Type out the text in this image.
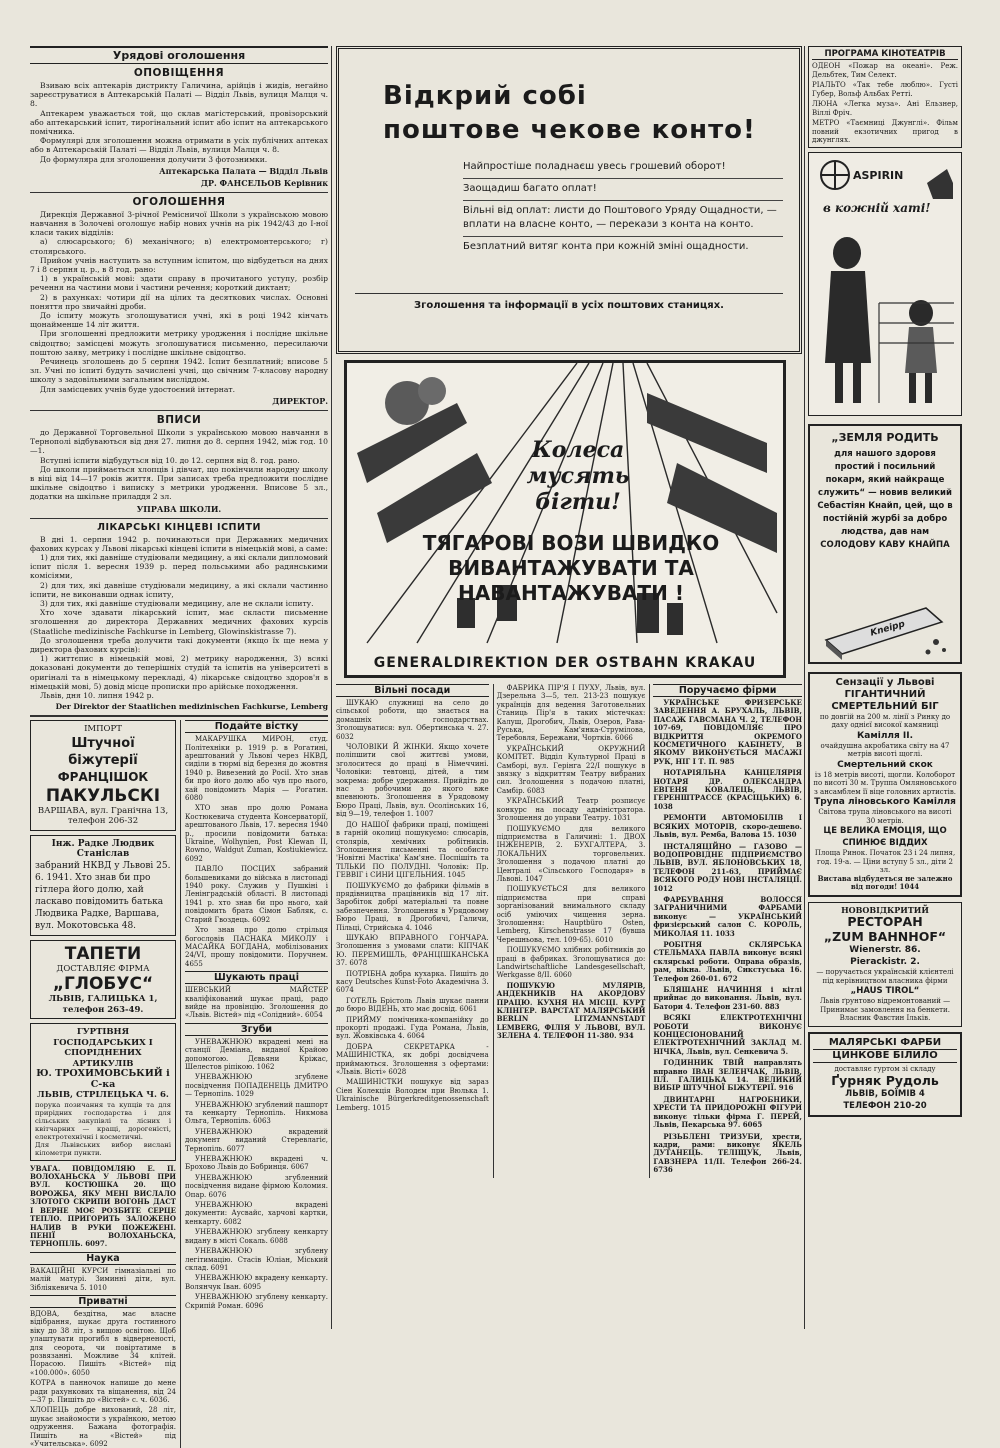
Урядові оголошення
ОПОВІЩЕННЯ

Взиваю всіх аптекарів дистрикту Галичина, арійців і жидів, негайно зареєструватися в Аптекарській Палаті — Відділ Львів, вулиця Малця ч. 8.

Аптекарем уважається той, що склав магістерський, провізорський або аптекарський іспит, тирогінальний іспит або іспит на аптекарського помічника.

Формулярі для зголошення можна отримати в усіх публічних аптеках або в Аптекарській Палаті — Відділ Львів, вулиця Малця ч. 8.

До формуляра для зголошення долучити 3 фотознимки.

Аптекарська Палата — Відділ Львів
ДР. ФАНСЕЛЬОВ Керівник
ОГОЛОШЕННЯ

Дирекція Державної 3-річної Ремісничої Школи з українською мовою навчання в Золочеві оголошує набір нових учнів на рік 1942/43 до І-ної класи таких відділів:

а) слюсарського; б) механічного; в) електромонтерського; г) столярського.

Прийом учнів наступить за вступним іспитом, що відбудеться на днях 7 і 8 серпня ц. р., в 8 год. рано:

1) в українській мові: здати справу в прочитаного уступу, розбір речення на частини мови і частини речення; короткий диктант;

2) в рахунках: чотири дії на цілих та десяткових числах. Основні поняття про звичайні дроби.

До іспиту можуть зголошуватися учні, які в році 1942 кінчать щонайменше 14 літ життя.

При зголошенні предложити метрику уродження і послідне шкільне свідоцтво; замісцеві можуть зголошуватися письменно, пересилаючи поштою заяву, метрику і послідне шкільне свідоцтво.

Речинець зголошень до 5 серпня 1942. Іспит безплатний; вписове 5 зл. Учні по іспиті будуть зачислені учні, що свічним 7-класову народну школу з задовільними загальним висліддом.

Для замісцевих учнів буде удостоєний інтернат.

ДИРЕКТОР.
ВПИСИ

до Державної Торговельної Школи з українською мовою навчання в Тернополі відбуваються від дня 27. липня до 8. серпня 1942, між год. 10—1.

Вступні іспити відбудуться від 10. до 12. серпня від 8. год. рано.

До школи приймається хлопців і дівчат, що покінчили народну школу в віці від 14—17 років життя. При записах треба предложити послідне шкільне свідоцтво і виписку з метрики уродження. Вписове 5 зл., додатки на шкільне приладдя 2 зл.

УПРАВА ШКОЛИ.
ЛІКАРСЬКІ КІНЦЕВІ ІСПИТИ

В дні 1. серпня 1942 р. починаються при Державних медичних фахових курсах у Львові лікарські кінцеві іспити в німецькій мові, а саме:

1) для тих, які давніше студіювали медицину, а які склали дипломовий іспит після 1. вересня 1939 р. перед польськими або радянськими комісіями,

2) для тих, які давніше студіювали медицину, а які склали частинно іспити, не виконавши однак іспиту,

3) для тих, які давніше студіювали медицину, але не склали іспиту.

Хто хоче здавати лікарський іспит, має скласти письменне зголошення до директора Державних медичних фахових курсів (Staatliche medizinische Fachkurse in Lemberg, Glowinskistrasse 7).

До зголошення треба долучити такі документи (якщо їх ще нема у директора фахових курсів):

1) життєпис в німецькій мові, 2) метрику народження, 3) всякі доказовані документи до теперішніх студій та іспитів на університеті в оригіналі та в німецькому перекладі, 4) лікарське свідоцтво здоров'я в німецькій мові, 5) довід місце прописки про арійське походження.

Львів, дня 10. липня 1942 р.

Der Direktor der Staatlichen medizinischen Fachkurse, Lemberg
ІМПОРТ
Штучної біжутерії
ФРАНЦІШОК
ПАКУЛЬСКІ
ВАРШАВА, вул. Гранічна 13, телефон 206-32
Інж. Радке Людвик Станіслав
забраний НКВД у Львові 25. 6. 1941. Хто знав би про гітлера його долю, хай ласкаво повідомить батька Людвика Радке, Варшава, вул. Мокотовська 48.
ТАПЕТИ
ДОСТАВЛЯЄ ФІРМА
„ГЛОБУС“
ЛЬВІВ, ГАЛИЦЬКА 1, телефон 263-49.
ГУРТІВНЯ ГОСПОДАРСЬКИХ І СПОРІДНЕНИХ АРТИКУЛІВ
Ю. ТРОХИМОВСЬКИЙ і С-ка
ЛЬВІВ, СТРІЛЕЦЬКА Ч. 6.
порука позичання та купців та для прирідних господарства і для сільських закупівлі та лісних і квітчарних — кращі, дорогеністі, електротехнічні і косметичні.
Для Львівських вибор вислані кілометри пункти.
УВАГА. ПОВІДОМЛЯЮ Е. П. ВОЛОХАНЬСКА У ЛЬВОВІ ПРИ ВУЛ. КОСТЮШКА 20. ЩО ВОРОЖБА, ЯКУ МЕНІ ВИСЛАЛО ЗЛОТОГО СКРИПИ ВОГОНЬ ДАСТ І ВЕРНЕ МОЄ РОЗБИТЕ СЕРЦЕ ТЕПЛО. ПРИГОРИТЬ ЗАЛОЖЕНО НАЛИВ В РУКИ ПОЖЕЖЕНІ. ПЕНІЇ ВОЛОХАНЬСКА, ТЕРНОПІЛЬ. 6097.
Наука
ВАКАЦІЙНІ КУРСИ гімназіальні по малій матурі. Зиминні діти, вул. Зібліякевича 5. 1010
Приватні
ВДОВА, бездітна, має власне відібрання, шукає друга гостинного віку до 38 літ, з вищою освітою. Щоб улаштувати прогибл в відверненості, для сеорота, чи повіртатиме в розвязанні. Можливе 34 клітей. Порасою. Пишіть «Вістей» під «100.000». 6050
КОТРА в панночок напише до мене ради рахункових та віщанення, від 24—37 р. Пишіть до «Вістей» с. ч. 6036.
ХЛОПЕЦЬ добре вихований, 28 літ, шукає знайомости з українкою, метою одруження. Бажана фотографія. Пишіть на «Вістей» під «Учительська». 6092
Подайте вістку

МАКАРУШКА МИРОН, студ. Політехніки р. 1919 р. в Рогатині, арештований у Львові через НКВД, сиділи в тюрмі від березня до жовтня 1940 р. Вивезений до Росії. Хто знав би про його долю або чув про нього, хай повідомить Марія — Рогатин. 6080

ХТО знав про долю Романа Костюкевича студента Консерваторії, арештованого Львів, 17. вересня 1940 р., просили повідомити батька: Ukraine, Wolhynien, Post Klewan II, Rowno, Waldgut Zuman, Kostiukiewicz. 6092

ПАВЛО ПОСЦИХ забраний большевиками до війська в листопаді 1940 року. Служив у Пушкіні і Ленінградській області. В листопаді 1941 р. хто знав би про нього, хай повідомить брата Сімон Бабляк, с. Старий Гвоздець. 6092

Хто знав про долю стрільця богословів ПАСНАКА МИКОЛУ і МАСАЙКА БОГДАНА, мобілізованих 24/VI, прошу повідомити. Поручнем. 4655

Шукають праці
ШЕВСЬКИЙ МАЙСТЕР кваліфікований шукає праці, радо вийде на провінцію. Зголошення до «Львів. Вістей» під «Солідний». 6054
Згуби

УНЕВАЖНЮЮ вкрадені мені на станції Деміана, виданої Крайою допомогою. Дєвьяни Кріжас, Шелестов ріпікою. 1062

УНЕВАЖНЮЮ згублене посвідчення ПОПАДЕНЕЦЬ ДМИТРО — Тернопіль. 1029

УНЕВАЖНЮЮ згублений пашпорт та кенкарту Тернопіль. Никмова Ольга, Тернопіль. 6063

УНЕВАЖНЮЮ вкрадений документ виданий Стеревлагіє, Тернопіль. 6077

УНЕВАЖНЮЮ вкрадені ч. Брохово Львів до Бобринця. 6067

УНЕВАЖНЮЮ згубленний посвідчення видане фірмою Коломия. Опар. 6076

УНЕВАЖНЮЮ вкрадені документи: Аусвайс, харчові картки, кенкарту. 6082

УНЕВАЖНЮЮ згублену кенкарту видану в місті Сокаль. 6088

УНЕВАЖНЮЮ згублену легітимацію. Стасів Юліан, Міський склад. 6091

УНЕВАЖНЮЮ вкрадену кенкарту. Волянчук Іван. 6095

УНЕВАЖНЮЮ згублену кенкарту. Скрипій Роман. 6096

Відкрий собі
поштове чекове конто!
Найпростіше поладнаєш увесь грошевий оборот!
Заощадиш багато оплат!
Вільні від оплат: листи до Поштового Уряду Ощадности, — вплати на власне конто, — перекази з конта на конто.
Безплатний витяг конта при кожній зміні ощадности.
Зголошення та інформації в усіх поштових станицях.
Колеса мусять бігти!
ТЯГАРОВІ ВОЗИ ШВИДКО ВИВАНТАЖУВАТИ ТА НАВАНТАЖУВАТИ !
GENERALDIREKTION DER OSTBAHN KRAKAU
Вільні посади

ШУКАЮ служниці на село до сільської роботи, що знається на домашніх господарствах. Зголошуватися: вул. Обертинська ч. 27. 6032

ЧОЛОВІКИ Й ЖІНКИ. Якщо хочете поліпшити свої життєві умови, зголоситеся до праці в Німеччині. Чоловіки: тевтонці, дітей, а тим зокрема: добре удержання. Прийдіть до нас з робочими до якого вже впевнюють. Зголошення в Урядовому Бюро Праці, Львів, вул. Осолінських 16, від 9—19, телефон 1. 1007

ДО НАШОЇ фабрики праці, поміщені в гарній околиці пошукуємо: слюсарів, столярів, хемічних робітників. Зголошення письменні та особисто 'Новітні Мастіка' Кам'яне. Поспішіть та ТІЛЬКИ ПО ПОЛУДНІ. Чоловік: Пр. ГЕВВІГ і СИНИ ЦІГЕЛЬНИЯ. 1045

ПОШУКУЄМО до фабрики фільмів в прядівництва працівників від 17 літ. Заробіток добрі матеріальні та повне забезпечення. Зголошення в Урядовому Бюро Праці, в Дрогобичі, Галичи, Пільці, Стрийська 4. 1046

ШУКАЮ ВПРАВНОГО ГОНЧАРА. Зголошення з умовами слати: КІПЧАК Ю. ПЕРЕМИШЛЬ, ФРАНЦІШКАНСЬКА 37. 6078

ПОТРІБНА добра кухарка. Пишіть до касу Deutsches Kunst-Foto Академічна 3. 6074

ГОТЕЛЬ Брістоль Львів шукає панни до бюро ВІДЕНЬ, хто має досвід. 6061

ПРИЙМУ помічника-компанійку до прокорті продажі. Гуда Романа, Львів, вул. Жовківська 4. 6064

ДОБРА СЕКРЕТАРКА - МАШИНІСТКА, як добрі досвідчена приймаються. Зголошення з офертами: «Львів. Вісті» 6028

МАШИНІСТКИ пошукує від зараз Сіен Колекція Володєм при Вюлька 1. Ukrainische Bürgerkreditgenossenschaft Lemberg. 1015

ФАБРИКА ПІР'Я І ПУХУ, Львів, вул. Дзерельна 3—5, тел. 213-23 пошукує українців для ведення Заготовельних Станиць Пір'я в таких містечках: Калуш, Дрогобич, Львів, Озеров, Рава-Руська, Кам'янка-Струмілова, Теребовля, Бережани, Чортків. 6066

УКРАЇНСЬКИЙ ОКРУЖНИЙ КОМІТЕТ. Відділ Культурної Праці в Самборі, вул. Герінга 22/I пошукує в звязку з відкриттям Театру вибраних сил. Зголошення з подачою платні, Самбір. 6083

УКРАЇНСЬКИЙ Театр розписує конкурс на посаду адміністратора. Зголошення до управи Театру. 1031

ПОШУКУЄМО для великого підприємства в Галичині: 1. ДВОХ ІНЖЕНЕРІВ, 2. БУХГАЛТЕРА, 3. ЛОКАЛЬНИХ торговельних. Зголошення з подачою платні до Централі «Сільського Господаря» в Львові. 1047

ПОШУКУЄТЬСЯ для великого підприємства при справі зорганізований внимального складу осіб уміючих чищення зерна. Зголошення: Hauptbüro Osten, Lemberg, Kirschenstrasse 17 (бувша Черешньова, тел. 109-65). 6010

ПОШУКУЄМО хлібних робітників до праці в фабриках. Зголошуватися до: Landwirtschaftliche Landesgesellschaft, Werkgasse 8/II. 6060

ПОШУКУЮ МУЛЯРІВ, АНДЕКНИКІВ НА АКОРДОВУ ПРАЦЮ. КУХНЯ НА МІСЦІ. КУРТ КЛІНГЕР. ВАРСТАТ МАЛЯРСЬКИЙ BERLIN LITZMANNSTADT LEMBERG, ФІЛІЯ У ЛЬВОВІ, ВУЛ. ЗЕЛЕНА 4. ТЕЛЕФОН 11-380. 934

Поручаємо фірми

УКРАЇНСЬКЕ ФРИЗЕРСЬКЕ ЗАВЕДЕННЯ А. БРУХАЛЬ, ЛЬВІВ, ПАСАЖ ГАВСМАНА Ч. 2, ТЕЛЕФОН 107-69, ПОВІДОМЛЯЄ ПРО ВІДКРИТТЯ ОКРЕМОГО КОСМЕТИЧНОГО КАБІНЕТУ, В ЯКОМУ ВИКОНУЄТЬСЯ МАСАЖІ РУК, НІГ І Т. П. 985

НОТАРІЯЛЬНА КАНЦЕЛЯРІЯ НОТАРЯ ДР. ОЛЕКСАНДРА ЕВГЕНЯ КОВАЛЕЦЬ, ЛЬВІВ, ГЕРЕНШТРАССЕ (КРАСІЦЬКИХ) 6. 1038

РЕМОНТИ АВТОМОБІЛІВ І ВСЯКИХ МОТОРІВ, скоро-дешево. Львів, вул. Ремба, Валова 15. 1030

ІНСТАЛЯЦІЙНО — ГАЗОВО — ВОДОПРОВІДНЕ ПІДПРИЄМСТВО ЛЬВІВ, ВУЛ. ЯБЛОНОВСЬКИХ 18, ТЕЛЕФОН 211-63, ПРИЙМАЄ ВСЯКОГО РОДУ НОВІ ІНСТАЛЯЦІЇ. 1012

ФАРБУВАННЯ ВОЛОССЯ ЗАГРАНИЧНИМИ ФАРБАМИ виконує — УКРАЇНСЬКИЙ фризієрський салон С. КОРОЛЬ, МИКОЛАЯ 11. 1033

РОБІТНЯ СКЛЯРСЬКА СТЕЛЬМАХА ПАВЛА виконує всякі склярські роботи. Оправа образів, рам, вікна. Львів, Сикстуська 16. Телефон 260-01. 672

БЛЯШАНЕ НАЧИННЯ і кітлі прийнає до виконання. Львів, вул. Батори 4. Телефон 231-60. 883

ВСЯКІ ЕЛЕКТРОТЕХНІЧНІ РОБОТИ ВИКОНУЄ КОНЦЕСІОНОВАНИЙ ЕЛЕКТРОТЕХНІЧНИЙ ЗАКЛАД М. НІЧКА, Львів, вул. Сенкевича 5.

ГОДИННИК ТВІЙ направлять вправно ІВАН ЗЕЛЕНЧАК, ЛЬВІВ, ПЛ. ГАЛИЦЬКА 14. ВЕЛИКИЙ ВИБІР ШТУЧНОЇ БІЖУТЕРІЇ. 916

ДВИНТАРНІ НАГРОБНИКИ, ХРЕСТИ ТА ПРИДОРОЖНІ ФІГУРИ виконує тільки фірма Г. ПЕРЕЙ, Львів, Пекарська 97. 6065

РІЗЬБЛЕНІ ТРИЗУБИ, хрести, кадри, рами: виконує ЯКЕЛЬ ДУТАНЕЦЬ. ТЕЛІЩУК, Львів, ГАВЗНЕРА 11/II. Телефон 266-24. 6736

ПРОГРАМА КІНОТЕАТРІВ

ОДЕОН «Пожар на океані». Реж. Дельбтек, Тим Селект.

РІАЛЬТО «Так тебе люблю». Густі Губер, Вольф Альбах Ретті.

ЛЮНА «Легка муза». Ані Ельзнер, Віллі Фріч.

МЕТРО «Таємниці Джунглі». Фільм повний екзотичних пригод в джунглях.

ASPIRIN
в кожній хаті!
„ЗЕМЛЯ РОДИТЬ
для нашого здоровя простий і посильний покарм, який найкраще служить“ — новив великий Себастіян Кнайп, цей, що в постійній журбі за добро людства, дав нам СОЛОДОВУ КАВУ КНАЙПА
Kneipp
Сензації у Львові
ГІГАНТИЧНИЙ
СМЕРТЕЛЬНИЙ БІГ
по довгій на 200 м. лінії з Ринку до даху однієї високої камяниці
Камілля II.
очайдушна акробатика світу на 47 метрів висоті щоглі.
Смертельний скок
із 18 метрів висоті, щогли. Колоборот по висоті 30 м. Труппа Омляновського з ансамблем її віце головних артистів.
Трупа ліновського Камілля
Світова трупа ліновського на висоті 30 метрів.
ЦЕ ВЕЛИКА ЕМОЦІЯ, ЩО СПИНЮЄ ВІДДИХ
Площа Ринок. Початок 23 і 24 липня, год. 19-а. — Ціни вступу 5 зл., діти 2 зл.
Вистава відбудеться не залежно від погоди! 1044
НОВОВІДКРИТИЙ
РЕСТОРАН
„ZUM BAHNHOF“
Wienerstr. 86.
Pierackistr. 2.
— поручається українській клієнтелі під керівництвом власника фірми
„HAUS TIROL“
Львів ґрунтово відремонтований — Принимає замовлення на бенкети. Власник Фавстин Ільків.
МАЛЯРСЬКІ ФАРБИ
ЦИНКОВЕ БІЛИЛО
доставляє гуртом зі складу
Ґурняк Рудоль
ЛЬВІВ, БОЇМІВ 4
ТЕЛЕФОН 210-20
